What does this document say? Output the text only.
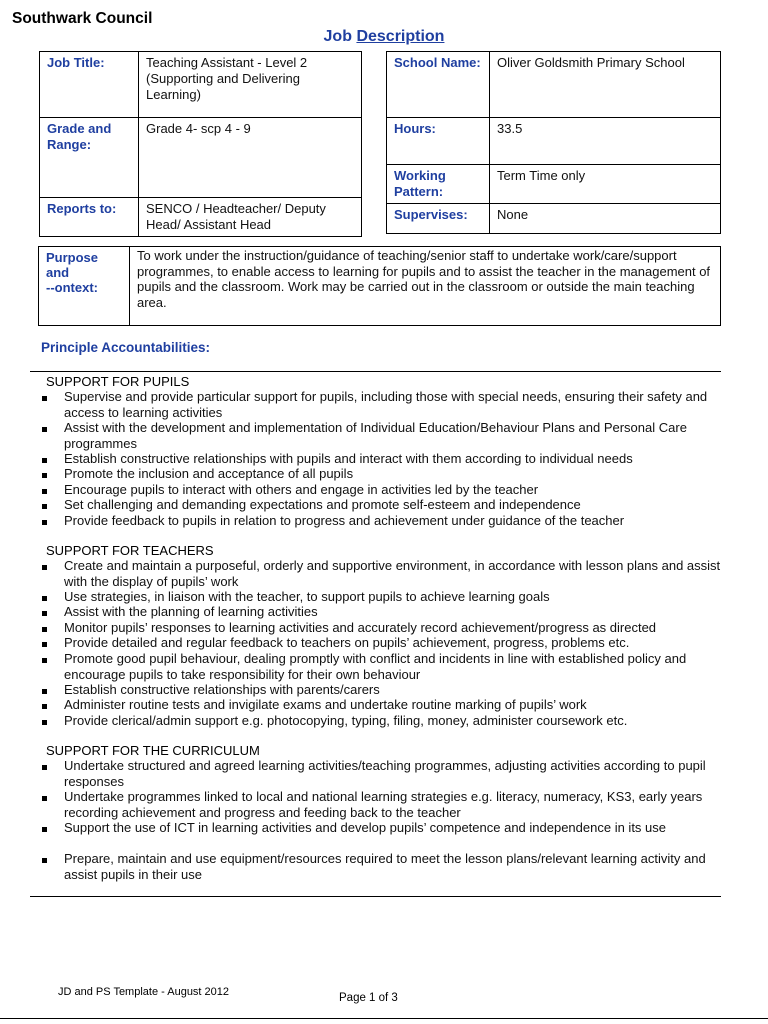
Southwark Council
Job Description
Job Title:	Teaching Assistant - Level 2 (Supporting and Delivering Learning)
Grade and Range:	Grade 4- scp 4 - 9
Reports to:	SENCO / Headteacher/ Deputy Head/ Assistant Head
School Name:	Oliver Goldsmith Primary School
Hours:	33.5
Working Pattern:	Term Time only
Supervises:	None
Purpose
and
--ontext:
	To work under the instruction/guidance of teaching/senior staff to undertake work/care/support programmes, to enable access to learning for pupils and to assist the teacher in the management of pupils and the classroom. Work may be carried out in the classroom or outside the main teaching area.
Principle Accountabilities:
SUPPORT FOR PUPILS
Supervise and provide particular support for pupils, including those with special needs, ensuring their safety and access to learning activities
Assist with the development and implementation of Individual Education/Behaviour Plans and Personal Care programmes
Establish constructive relationships with pupils and interact with them according to individual needs
Promote the inclusion and acceptance of all pupils
Encourage pupils to interact with others and engage in activities led by the teacher
Set challenging and demanding expectations and promote self-esteem and independence
Provide feedback to pupils in relation to progress and achievement under guidance of the teacher
SUPPORT FOR TEACHERS
Create and maintain a purposeful, orderly and supportive environment, in accordance with lesson plans and assist with the display of pupils’ work
Use strategies, in liaison with the teacher, to support pupils to achieve learning goals
Assist with the planning of learning activities
Monitor pupils’ responses to learning activities and accurately record achievement/progress as directed
Provide detailed and regular feedback to teachers on pupils’ achievement, progress, problems etc.
Promote good pupil behaviour, dealing promptly with conflict and incidents in line with established policy and encourage pupils to take responsibility for their own behaviour
Establish constructive relationships with parents/carers
Administer routine tests and invigilate exams and undertake routine marking of pupils’ work
Provide clerical/admin support e.g. photocopying, typing, filing, money, administer coursework etc.
SUPPORT FOR THE CURRICULUM
Undertake structured and agreed learning activities/teaching programmes, adjusting activities according to pupil responses
Undertake programmes linked to local and national learning strategies e.g. literacy, numeracy, KS3, early years recording achievement and progress and feeding back to the teacher
Support the use of ICT in learning activities and develop pupils’ competence and independence in its use
Prepare, maintain and use equipment/resources required to meet the lesson plans/relevant learning activity and assist pupils in their use
JD and PS Template - August 2012	Page 1 of 3
